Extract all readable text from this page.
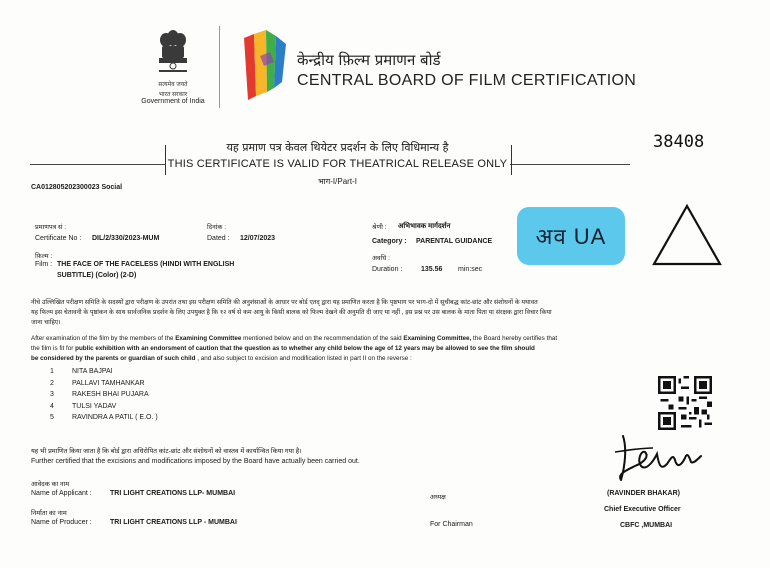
सत्यमेव जयते
भारत सरकार
Government of India
केन्द्रीय फ़िल्म प्रमाणन बोर्ड
CENTRAL BOARD OF FILM CERTIFICATION
38408
यह प्रमाण पत्र केवल थियेटर प्रदर्शन के लिए विधिमान्य है
THIS CERTIFICATE IS VALID FOR THEATRICAL RELEASE ONLY
भाग-I/Part-I
CA012805202300023 Social
प्रमाणपत्र सं :
Certificate No : DIL/2/330/2023-MUM
दिनांक :
Dated : 12/07/2023
फ़िल्म :
Film : THE FACE OF THE FACELESS (HINDI WITH ENGLISH
SUBTITLE) (Color) (2-D)
श्रेणी : अभिभावक मार्गदर्शन
Category : PARENTAL GUIDANCE
अवधि :
Duration :	135.56 min:sec
अव UA
नीचे उल्लिखित परीक्षण समिति के सदस्यों द्वारा परीक्षण के उपरांत तथा इस परीक्षण समिति की अनुशंसाओं के आधार पर बोर्ड एतद् द्वारा यह प्रमाणित करता है कि पृष्ठभाग पर भाग-दो में सूचीबद्ध कांट-छांट और संशोधनों के यथावत
यह फिल्म इस चेतावनी के पृष्ठांकन के साथ सार्वजनिक प्रदर्शन के लिए उपयुक्त है कि १२ वर्ष से कम आयु के किसी बालक को फिल्म देखने की अनुमति दी जाए या नहीं , इस प्रश्न पर उस बालक के माता पिता या संरक्षक द्वारा विचार किया
जाना चाहिए।
After examination of the film by the members of the Examining Committee mentioned below and on the recommendation of the said Examining Committee, the Board hereby certifies that
the film is fit for public exhibition with an endorsment of caution that the question as to whether any child below the age of 12 years may be allowed to see the film should
be considered by the parents or guardian of such child , and also subject to excision and modification listed in part II on the reverse :
1	NITA BAJPAI
2	PALLAVI TAMHANKAR
3	RAKESH BHAI PUJARA
4	TULSI YADAV
5	RAVINDRA A PATIL ( E.O. )
यह भी प्रमाणित किया जाता है कि बोर्ड द्वारा अधिरोपित कांट-छांट और संशोधनों को वास्तव में कार्यान्वित किया गया है।
Further certified that the excisions and modifications imposed by the Board have actually been carried out.
आवेदक का नाम
Name of Applicant :	TRI LIGHT CREATIONS LLP- MUMBAI
निर्माता का नाम
Name of Producer :	TRI LIGHT CREATIONS LLP - MUMBAI
अध्यक्ष
For Chairman
(RAVINDER BHAKAR)
Chief Executive Officer
CBFC ,MUMBAI
